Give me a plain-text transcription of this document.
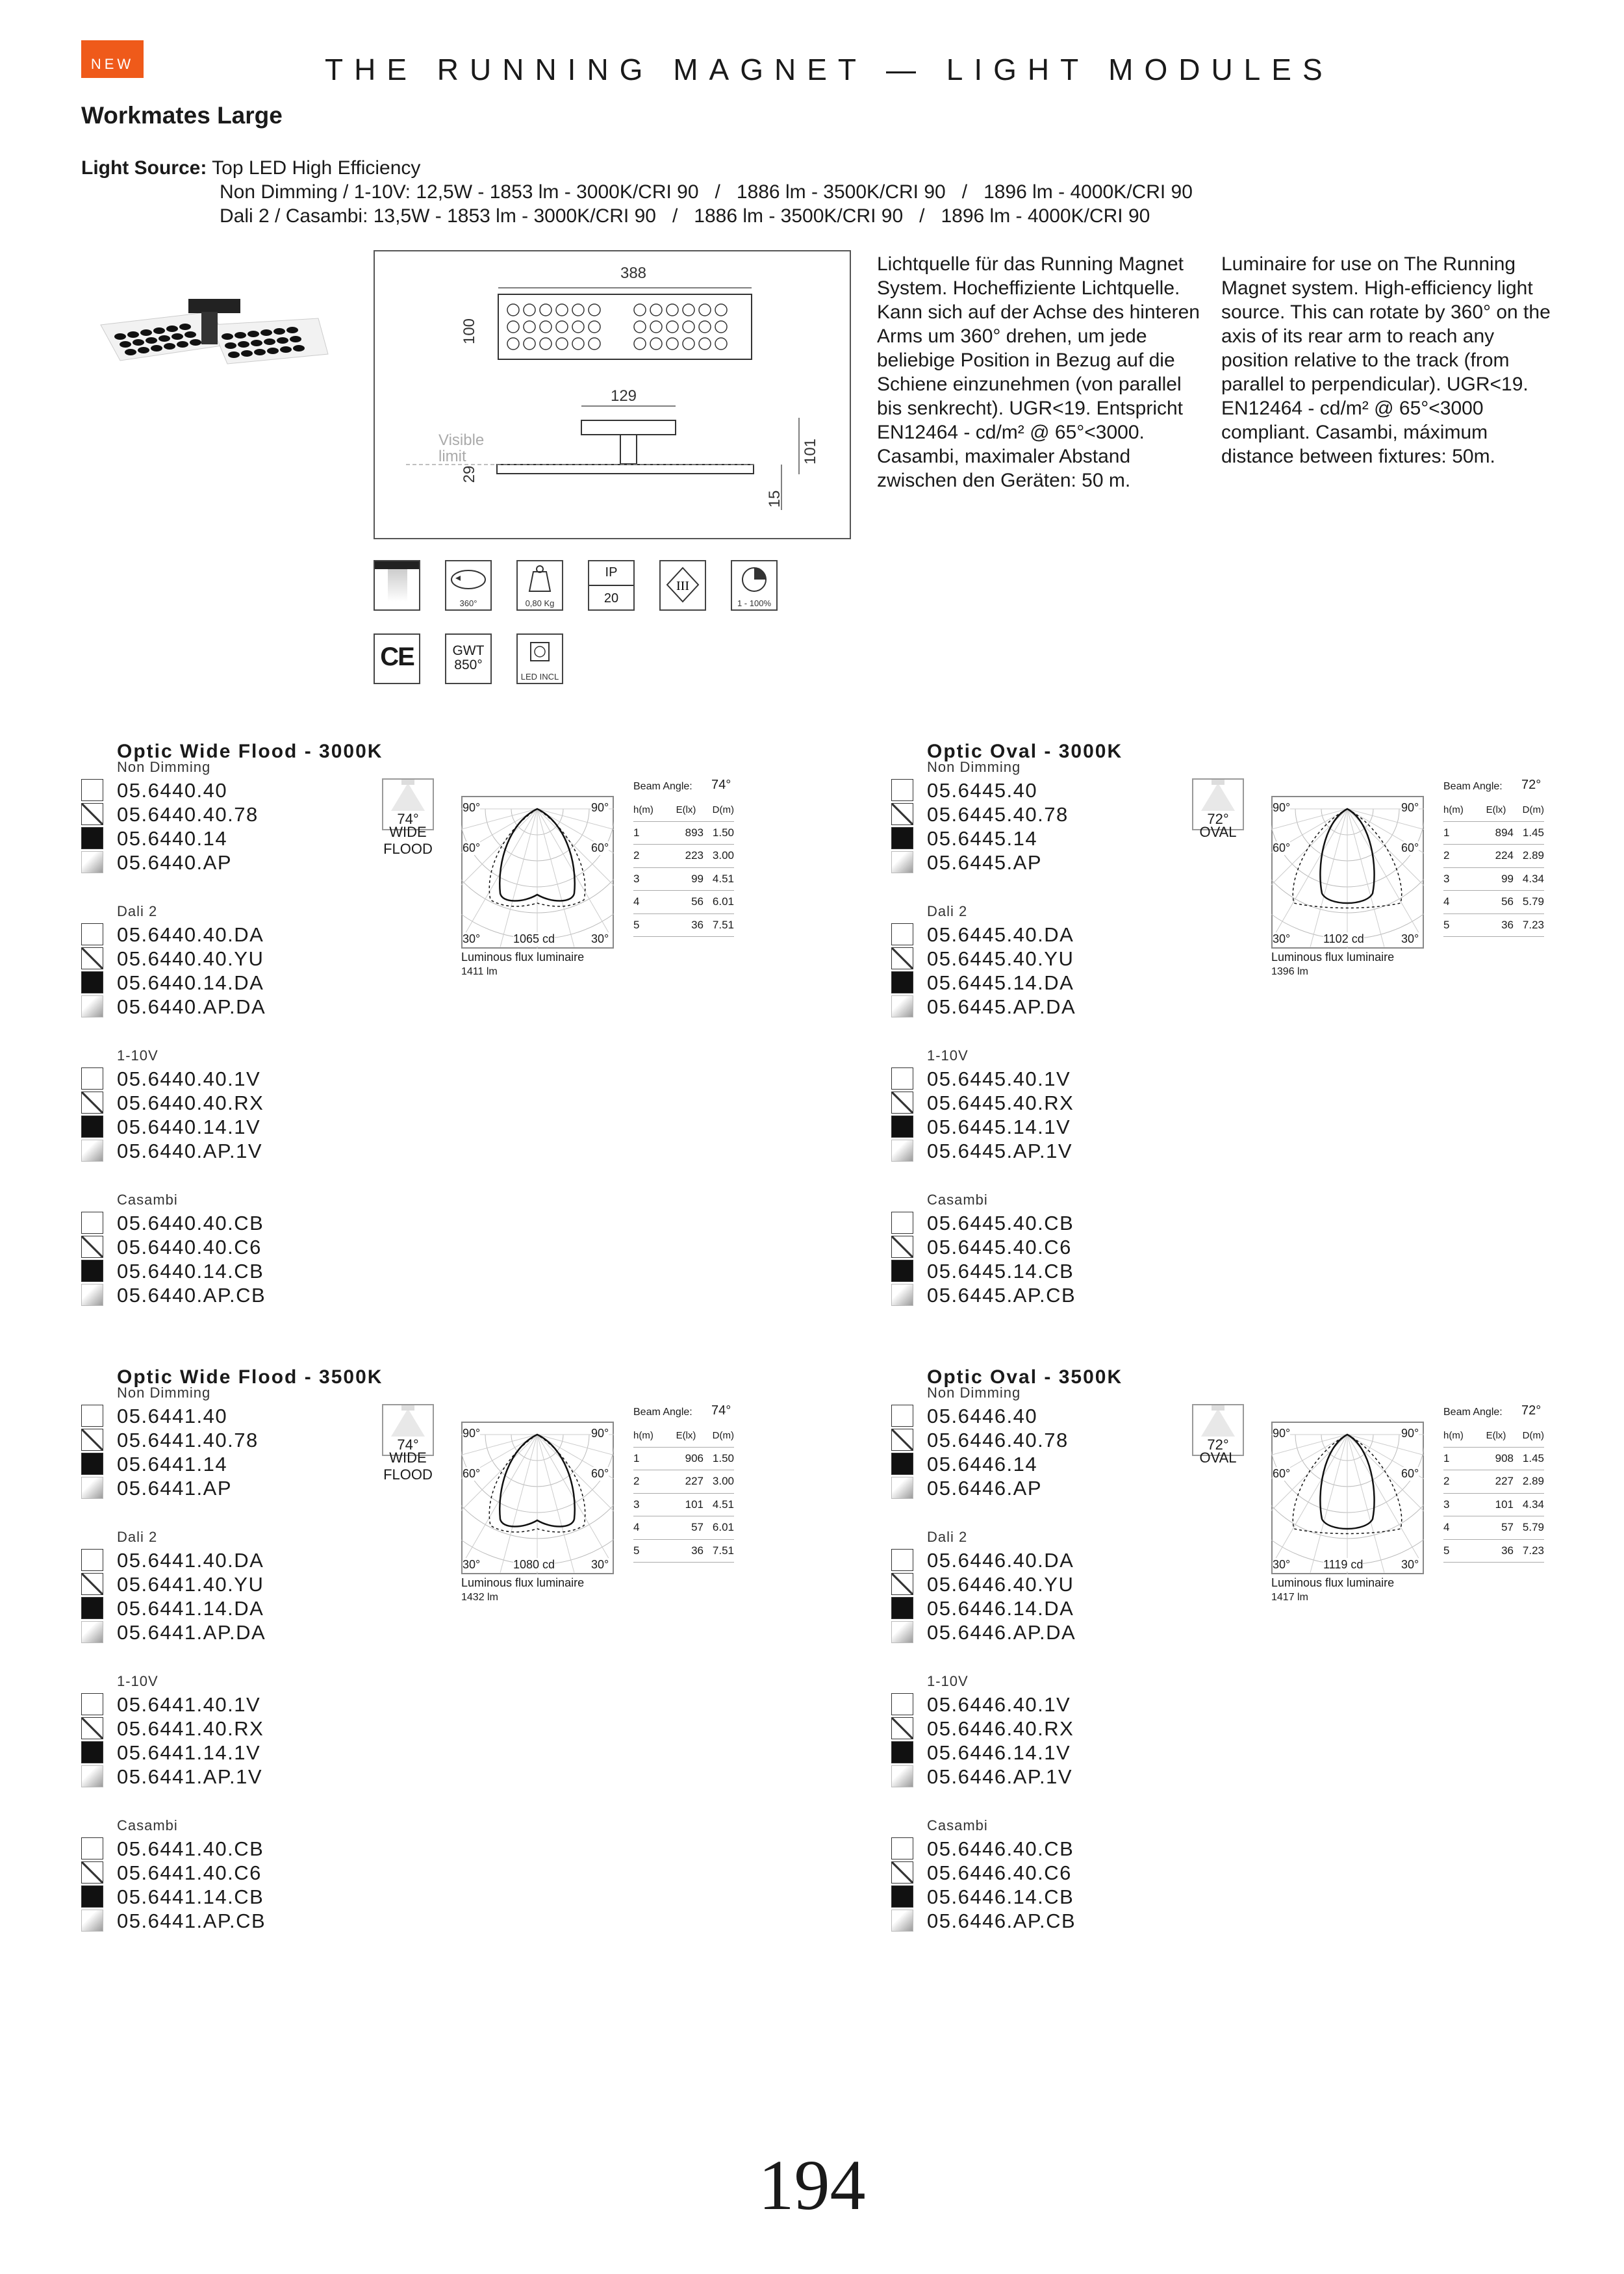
NEW	THE RUNNING MAGNET — LIGHT MODULES
Workmates Large
Light Source: Top LED High Efficiency
Non Dimming / 1-10V: 12,5W - 1853 lm - 3000K/CRI 90   /   1886 lm - 3500K/CRI 90   /   1896 lm - 4000K/CRI 90
Dali 2 / Casambi: 13,5W - 1853 lm - 3000K/CRI 90   /   1886 lm - 3500K/CRI 90   /   1896 lm - 4000K/CRI 90
388
100
129
Visible
limit
29
101
15
Lichtquelle für das Running Magnet System. Hocheffiziente Lichtquelle. Kann sich auf der Achse des hinteren Arms um 360° drehen, um jede beliebige Position in Bezug auf die Schiene einzunehmen (von parallel bis senkrecht). UGR<19. Entspricht EN12464 - cd/m² @ 65°<3000. Casambi, maximaler Abstand zwischen den Geräten: 50 m.
Luminaire for use on The Running Magnet system. High-efficiency light source. This can rotate by 360° on the axis of its rear arm to reach any position relative to the track (from parallel to perpendicular). UGR<19. EN12464 - cd/m² @ 65°<3000 compliant. Casambi, máximum distance between fixtures: 50m.
360°	0,80 Kg
IP
20
III
1 - 100%
CE	GWT
850°
LED INCL
Optic Wide Flood - 3000K
Non Dimming
05.6440.40
05.6440.40.78
05.6440.14
05.6440.AP
Dali 2
05.6440.40.DA
05.6440.40.YU
05.6440.14.DA
05.6440.AP.DA
1-10V
05.6440.40.1V
05.6440.40.RX
05.6440.14.1V
05.6440.AP.1V
Casambi
05.6440.40.CB
05.6440.40.C6
05.6440.14.CB
05.6440.AP.CB
74°
WIDE
FLOOD
90°	90°
60°	60°
30°	30°
1065 cd
Luminous flux luminaire
1411 lm
Beam Angle: 74°
h(m)	E(lx)	D(m)
1	893	1.50
2	223	3.00
3	99	4.51
4	56	6.01
5	36	7.51
Optic Oval - 3000K
Non Dimming
05.6445.40
05.6445.40.78
05.6445.14
05.6445.AP
Dali 2
05.6445.40.DA
05.6445.40.YU
05.6445.14.DA
05.6445.AP.DA
1-10V
05.6445.40.1V
05.6445.40.RX
05.6445.14.1V
05.6445.AP.1V
Casambi
05.6445.40.CB
05.6445.40.C6
05.6445.14.CB
05.6445.AP.CB
72°
OVAL
90°	90°
60°	60°
30°	30°
1102 cd
Luminous flux luminaire
1396 lm
Beam Angle: 72°
h(m)	E(lx)	D(m)
1	894	1.45
2	224	2.89
3	99	4.34
4	56	5.79
5	36	7.23
Optic Wide Flood - 3500K
Non Dimming
05.6441.40
05.6441.40.78
05.6441.14
05.6441.AP
Dali 2
05.6441.40.DA
05.6441.40.YU
05.6441.14.DA
05.6441.AP.DA
1-10V
05.6441.40.1V
05.6441.40.RX
05.6441.14.1V
05.6441.AP.1V
Casambi
05.6441.40.CB
05.6441.40.C6
05.6441.14.CB
05.6441.AP.CB
74°
WIDE
FLOOD
90°	90°
60°	60°
30°	30°
1080 cd
Luminous flux luminaire
1432 lm
Beam Angle: 74°
h(m)	E(lx)	D(m)
1	906	1.50
2	227	3.00
3	101	4.51
4	57	6.01
5	36	7.51
Optic Oval - 3500K
Non Dimming
05.6446.40
05.6446.40.78
05.6446.14
05.6446.AP
Dali 2
05.6446.40.DA
05.6446.40.YU
05.6446.14.DA
05.6446.AP.DA
1-10V
05.6446.40.1V
05.6446.40.RX
05.6446.14.1V
05.6446.AP.1V
Casambi
05.6446.40.CB
05.6446.40.C6
05.6446.14.CB
05.6446.AP.CB
72°
OVAL
90°	90°
60°	60°
30°	30°
1119 cd
Luminous flux luminaire
1417 lm
Beam Angle: 72°
h(m)	E(lx)	D(m)
1	908	1.45
2	227	2.89
3	101	4.34
4	57	5.79
5	36	7.23
194
